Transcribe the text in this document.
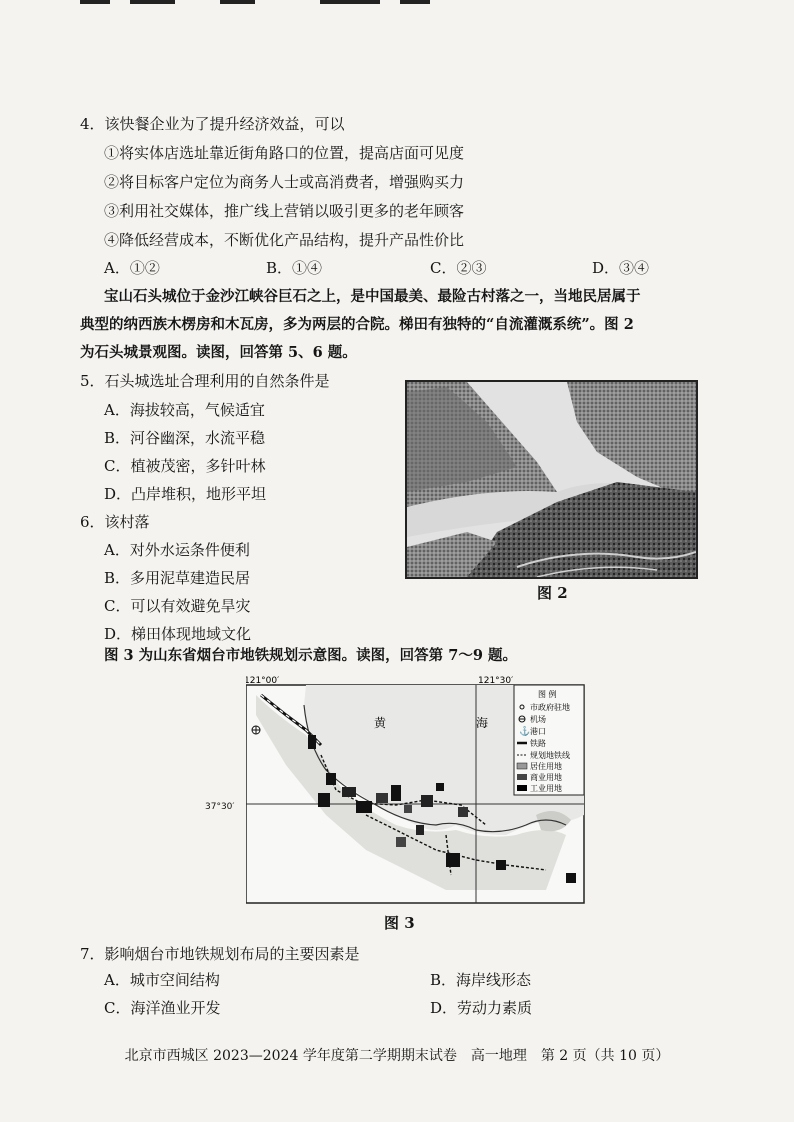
4．该快餐企业为了提升经济效益，可以
①将实体店选址靠近街角路口的位置，提高店面可见度
②将目标客户定位为商务人士或高消费者，增强购买力
③利用社交媒体，推广线上营销以吸引更多的老年顾客
④降低经营成本，不断优化产品结构，提升产品性价比
A．①②	B．①④	C．②③	D．③④
宝山石头城位于金沙江峡谷巨石之上，是中国最美、最险古村落之一，当地民居属于
典型的纳西族木楞房和木瓦房，多为两层的合院。梯田有独特的“自流灌溉系统”。图 2
为石头城景观图。读图，回答第 5、6 题。
5．石头城选址合理利用的自然条件是
A．海拔较高，气候适宜
B．河谷幽深，水流平稳
C．植被茂密，多针叶林
D．凸岸堆积，地形平坦
6．该村落
A．对外水运条件便利
B．多用泥草建造民居
C．可以有效避免旱灾
D．梯田体现地域文化
图 2
图 3 为山东省烟台市地铁规划示意图。读图，回答第 7～9 题。
121°00′	121°30′
黄	海
图 例
市政府驻地
机场
⚓ 港口
铁路
规划地铁线
居住用地
商业用地
工业用地
37°30′
图 3
7．影响烟台市地铁规划布局的主要因素是
A．城市空间结构	B．海岸线形态
C．海洋渔业开发	D．劳动力素质
北京市西城区 2023—2024 学年度第二学期期末试卷　高一地理　第 2 页（共 10 页）
